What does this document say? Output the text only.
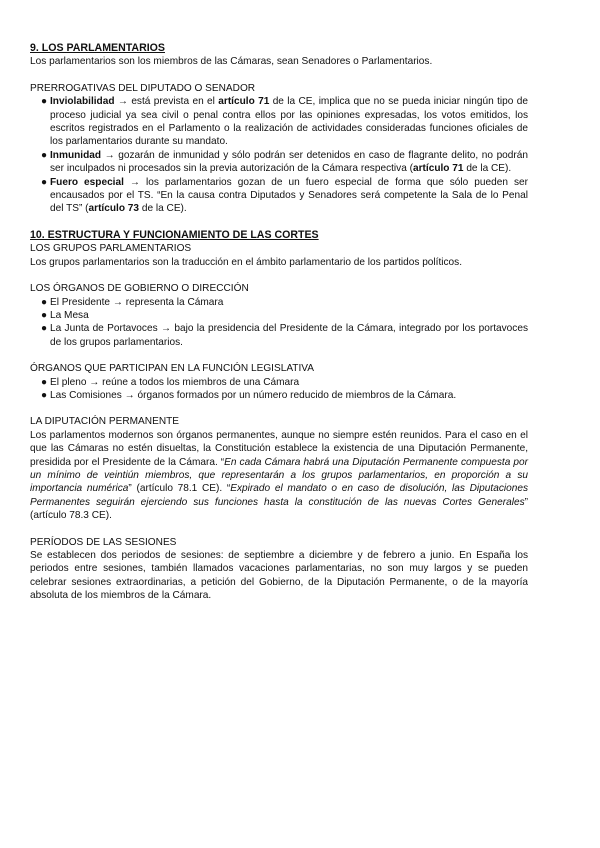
9. LOS PARLAMENTARIOS

Los parlamentarios son los miembros de las Cámaras, sean Senadores o Parlamentarios.

PRERROGATIVAS DEL DIPUTADO O SENADOR
● Inviolabilidad → está prevista en el artículo 71 de la CE, implica que no se pueda iniciar ningún tipo de proceso judicial ya sea civil o penal contra ellos por las opiniones expresadas, los votos emitidos, los escritos registrados en el Parlamento o la realización de actividades consideradas funciones oficiales de los parlamentarios durante su mandato.
● Inmunidad → gozarán de inmunidad y sólo podrán ser detenidos en caso de flagrante delito, no podrán ser inculpados ni procesados sin la previa autorización de la Cámara respectiva (artículo 71 de la CE).
● Fuero especial → los parlamentarios gozan de un fuero especial de forma que sólo pueden ser encausados por el TS. “En la causa contra Diputados y Senadores será competente la Sala de lo Penal del TS” (artículo 73 de la CE).
10. ESTRUCTURA Y FUNCIONAMIENTO DE LAS CORTES
LOS GRUPOS PARLAMENTARIOS

Los grupos parlamentarios son la traducción en el ámbito parlamentario de los partidos políticos.

LOS ÓRGANOS DE GOBIERNO O DIRECCIÓN
● El Presidente → representa la Cámara
● La Mesa
● La Junta de Portavoces → bajo la presidencia del Presidente de la Cámara, integrado por los portavoces de los grupos parlamentarios.
ÓRGANOS QUE PARTICIPAN EN LA FUNCIÓN LEGISLATIVA
● El pleno → reúne a todos los miembros de una Cámara
● Las Comisiones → órganos formados por un número reducido de miembros de la Cámara.
LA DIPUTACIÓN PERMANENTE

Los parlamentos modernos son órganos permanentes, aunque no siempre estén reunidos. Para el caso en el que las Cámaras no estén disueltas, la Constitución establece la existencia de una Diputación Permanente, presidida por el Presidente de la Cámara. “En cada Cámara habrá una Diputación Permanente compuesta por un mínimo de veintiún miembros, que representarán a los grupos parlamentarios, en proporción a su importancia numérica” (artículo 78.1 CE). “Expirado el mandato o en caso de disolución, las Diputaciones Permanentes seguirán ejerciendo sus funciones hasta la constitución de las nuevas Cortes Generales” (artículo 78.3 CE).

PERÍODOS DE LAS SESIONES

Se establecen dos periodos de sesiones: de septiembre a diciembre y de febrero a junio. En España los periodos entre sesiones, también llamados vacaciones parlamentarias, no son muy largos y se pueden celebrar sesiones extraordinarias, a petición del Gobierno, de la Diputación Permanente, o de la mayoría absoluta de los miembros de la Cámara.
